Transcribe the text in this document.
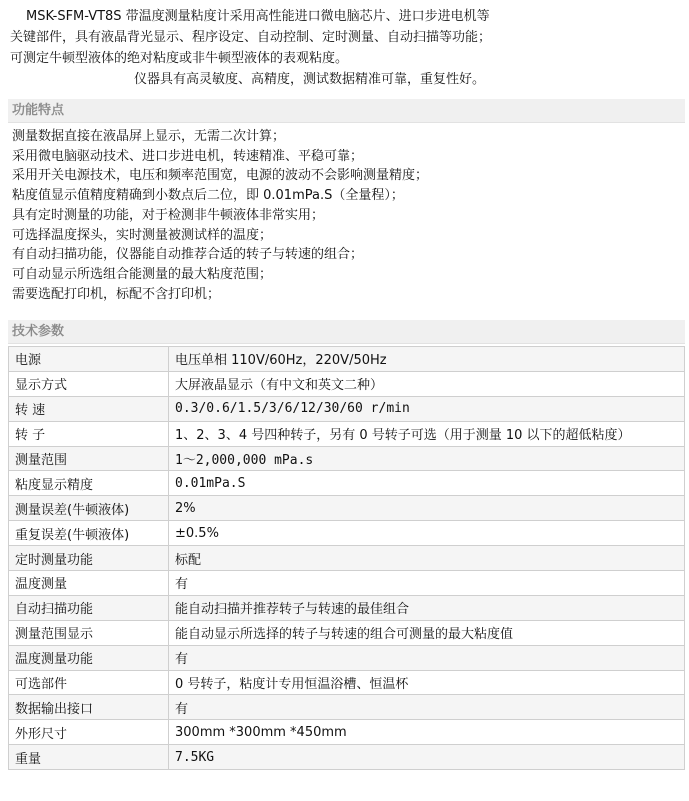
MSK-SFM-VT8S 带温度测量粘度计采用高性能进口微电脑芯片、进口步进电机等
关键部件，具有液晶背光显示、程序设定、自动控制、定时测量、自动扫描等功能；
可测定牛顿型液体的绝对粘度或非牛顿型液体的表观粘度。
仪器具有高灵敏度、高精度，测试数据精准可靠，重复性好。
功能特点
测量数据直接在液晶屏上显示，无需二次计算；
采用微电脑驱动技术、进口步进电机，转速精准、平稳可靠；
采用开关电源技术，电压和频率范围宽，电源的波动不会影响测量精度；
粘度值显示值精度精确到小数点后二位，即 0.01mPa.S（全量程）；
具有定时测量的功能，对于检测非牛顿液体非常实用；
可选择温度探头，实时测量被测试样的温度；
有自动扫描功能，仪器能自动推荐合适的转子与转速的组合；
可自动显示所选组合能测量的最大粘度范围；
需要选配打印机，标配不含打印机；
技术参数
电源	电压单相 110V/60Hz，220V/50Hz
显示方式	大屏液晶显示（有中文和英文二种）
转 速	0.3/0.6/1.5/3/6/12/30/60 r/min
转 子	1、2、3、4 号四种转子，另有 0 号转子可选（用于测量 10 以下的超低粘度）
测量范围	1～2,000,000 mPa.s
粘度显示精度	0.01mPa.S
测量误差(牛顿液体)	2%
重复误差(牛顿液体)	±0.5%
定时测量功能	标配
温度测量	有
自动扫描功能	能自动扫描并推荐转子与转速的最佳组合
测量范围显示	能自动显示所选择的转子与转速的组合可测量的最大粘度值
温度测量功能	有
可选部件	0 号转子，粘度计专用恒温浴槽、恒温杯
数据输出接口	有
外形尺寸	300mm *300mm *450mm
重量	7.5KG
